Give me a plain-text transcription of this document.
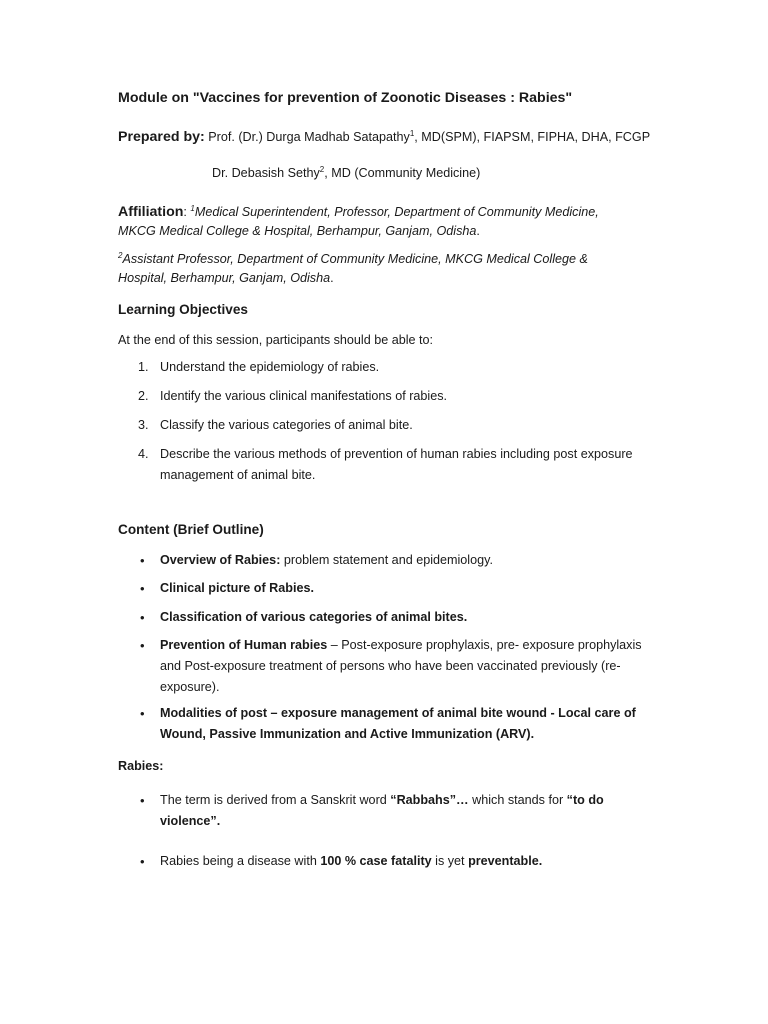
Module on "Vaccines for prevention of Zoonotic Diseases : Rabies"
Prepared by: Prof. (Dr.) Durga Madhab Satapathy$^1$, MD(SPM), FIAPSM, FIPHA, DHA, FCGP
Dr. Debasish Sethy$^2$, MD (Community Medicine)
Affiliation: $^1$Medical Superintendent, Professor, Department of Community Medicine,
MKCG Medical College & Hospital, Berhampur, Ganjam, Odisha.
$^2$Assistant Professor, Department of Community Medicine, MKCG Medical College &
Hospital, Berhampur, Ganjam, Odisha.
Learning Objectives
At the end of this session, participants should be able to:
1. Understand the epidemiology of rabies.
2. Identify the various clinical manifestations of rabies.
3. Classify the various categories of animal bite.
4. Describe the various methods of prevention of human rabies including post exposure
management of animal bite.
Content (Brief Outline)
• Overview of Rabies: problem statement and epidemiology.
• Clinical picture of Rabies.
• Classification of various categories of animal bites.
• Prevention of Human rabies – Post-exposure prophylaxis, pre- exposure prophylaxis
and Post-exposure treatment of persons who have been vaccinated previously (re-
exposure).
• Modalities of post – exposure management of animal bite wound - Local care of
Wound, Passive Immunization and Active Immunization (ARV).
Rabies:
• The term is derived from a Sanskrit word “Rabbahs”… which stands for “to do
violence”.
• Rabies being a disease with 100 % case fatality is yet preventable.
